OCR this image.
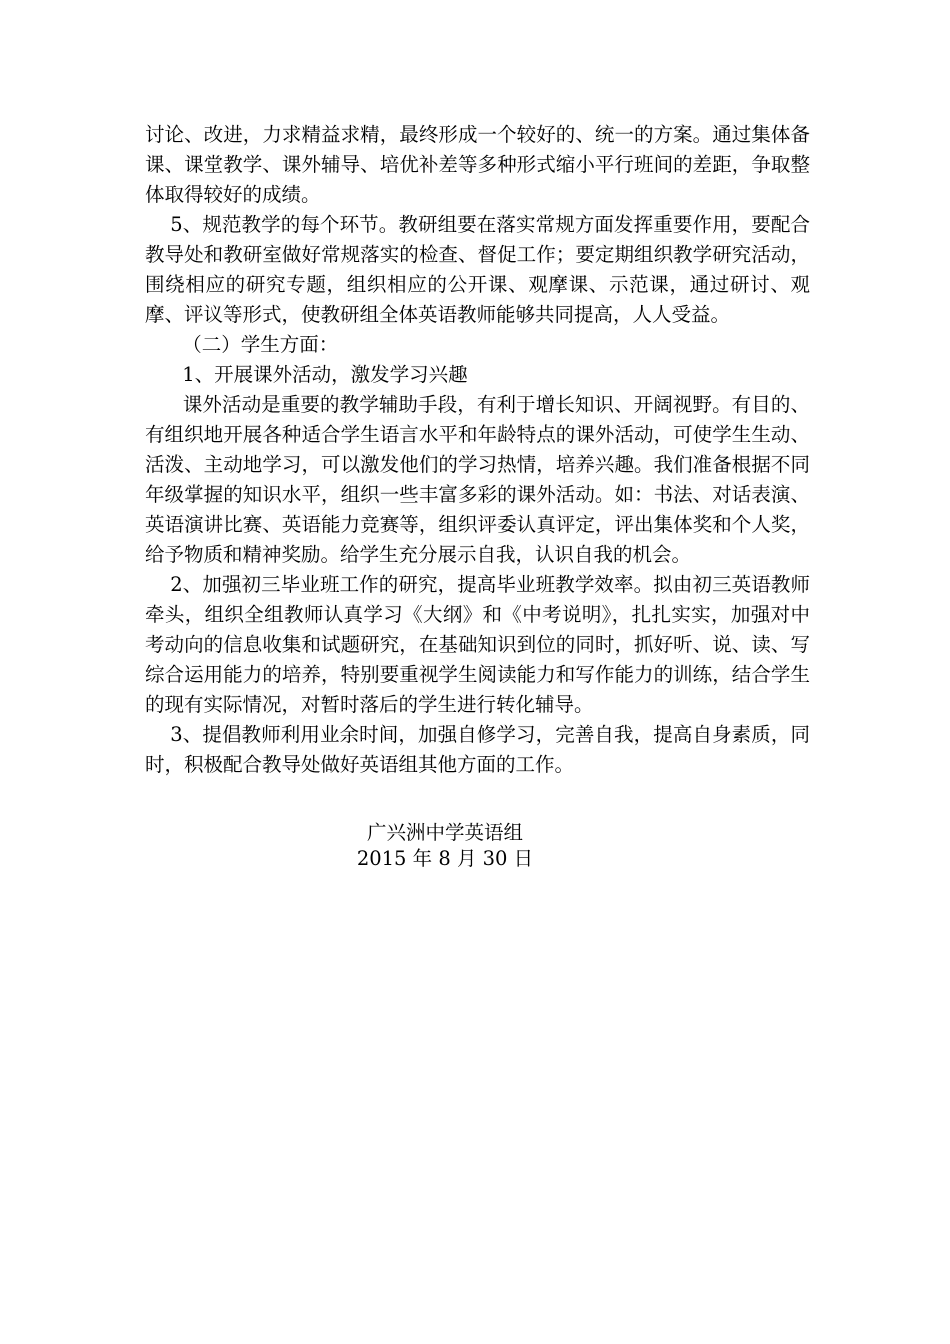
讨论、改进，力求精益求精，最终形成一个较好的、统一的方案。通过集体备课、课堂教学、课外辅导、培优补差等多种形式缩小平行班间的差距，争取整体取得较好的成绩。

5、规范教学的每个环节。教研组要在落实常规方面发挥重要作用，要配合教导处和教研室做好常规落实的检查、督促工作；要定期组织教学研究活动，围绕相应的研究专题，组织相应的公开课、观摩课、示范课，通过研讨、观摩、评议等形式，使教研组全体英语教师能够共同提高，人人受益。

（二）学生方面：

1、开展课外活动，激发学习兴趣

课外活动是重要的教学辅助手段，有利于增长知识、开阔视野。有目的、有组织地开展各种适合学生语言水平和年龄特点的课外活动，可使学生生动、活泼、主动地学习，可以激发他们的学习热情，培养兴趣。我们准备根据不同年级掌握的知识水平，组织一些丰富多彩的课外活动。如：书法、对话表演、英语演讲比赛、英语能力竞赛等，组织评委认真评定，评出集体奖和个人奖，给予物质和精神奖励。给学生充分展示自我，认识自我的机会。

2、加强初三毕业班工作的研究，提高毕业班教学效率。拟由初三英语教师牵头，组织全组教师认真学习《大纲》和《中考说明》，扎扎实实，加强对中考动向的信息收集和试题研究，在基础知识到位的同时，抓好听、说、读、写综合运用能力的培养，特别要重视学生阅读能力和写作能力的训练，结合学生的现有实际情况，对暂时落后的学生进行转化辅导。

3、提倡教师利用业余时间，加强自修学习，完善自我，提高自身素质，同时，积极配合教导处做好英语组其他方面的工作。

广兴洲中学英语组

2015 年 8 月 30 日
